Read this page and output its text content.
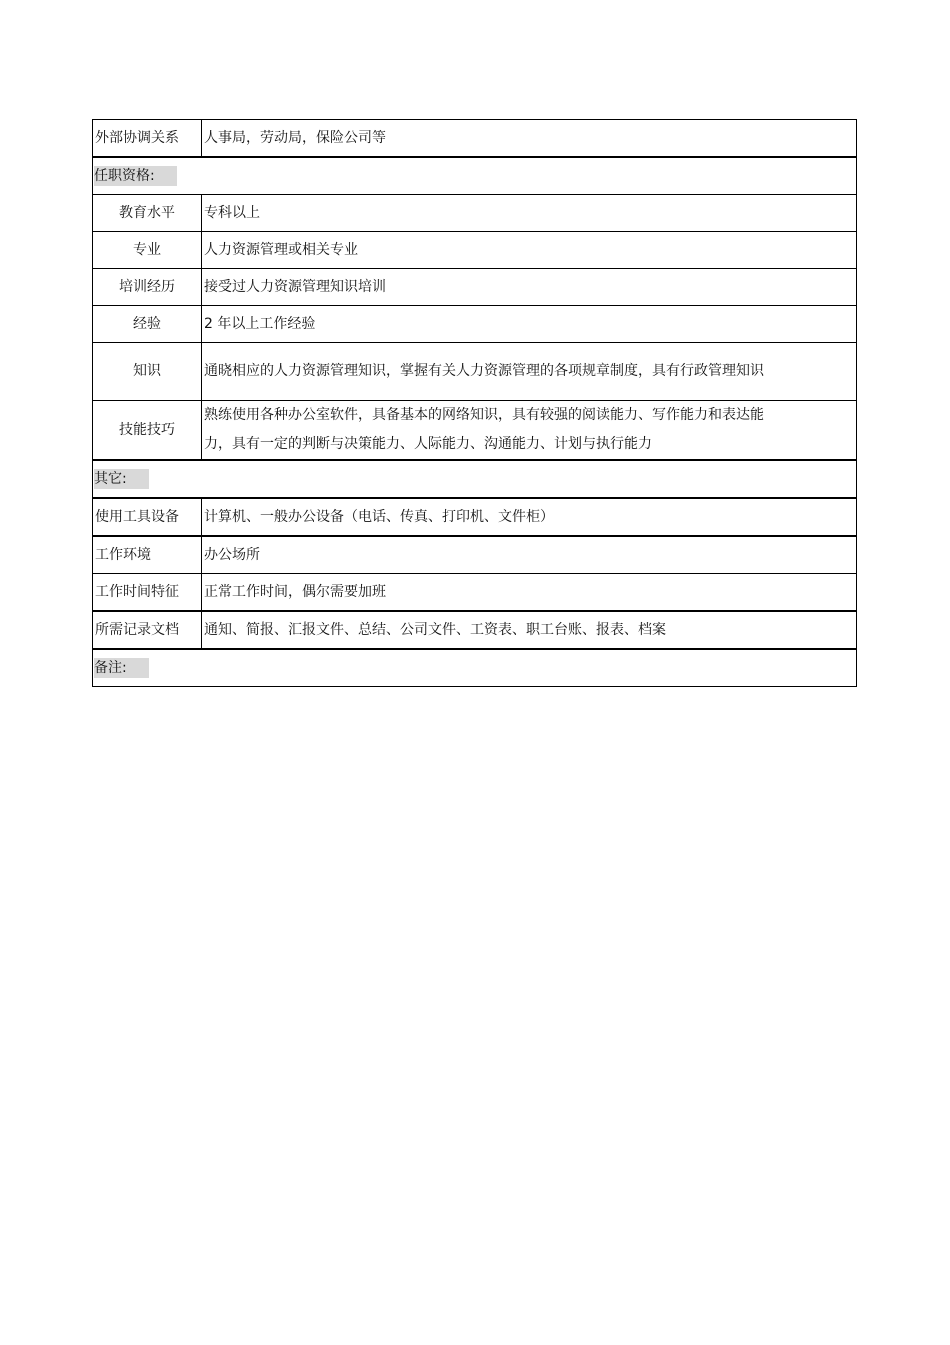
外部协调关系	人事局，劳动局，保险公司等
任职资格:	
教育水平	专科以上
专业	人力资源管理或相关专业
培训经历	接受过人力资源管理知识培训
经验	2 年以上工作经验
知识	通晓相应的人力资源管理知识，掌握有关人力资源管理的各项规章制度，具有行政管理知识
技能技巧	熟练使用各种办公室软件，具备基本的网络知识，具有较强的阅读能力、写作能力和表达能力，具有一定的判断与决策能力、人际能力、沟通能力、计划与执行能力
其它:	
使用工具设备	计算机、一般办公设备（电话、传真、打印机、文件柜）
工作环境	办公场所
工作时间特征	正常工作时间，偶尔需要加班
所需记录文档	通知、简报、汇报文件、总结、公司文件、工资表、职工台账、报表、档案
备注:	
